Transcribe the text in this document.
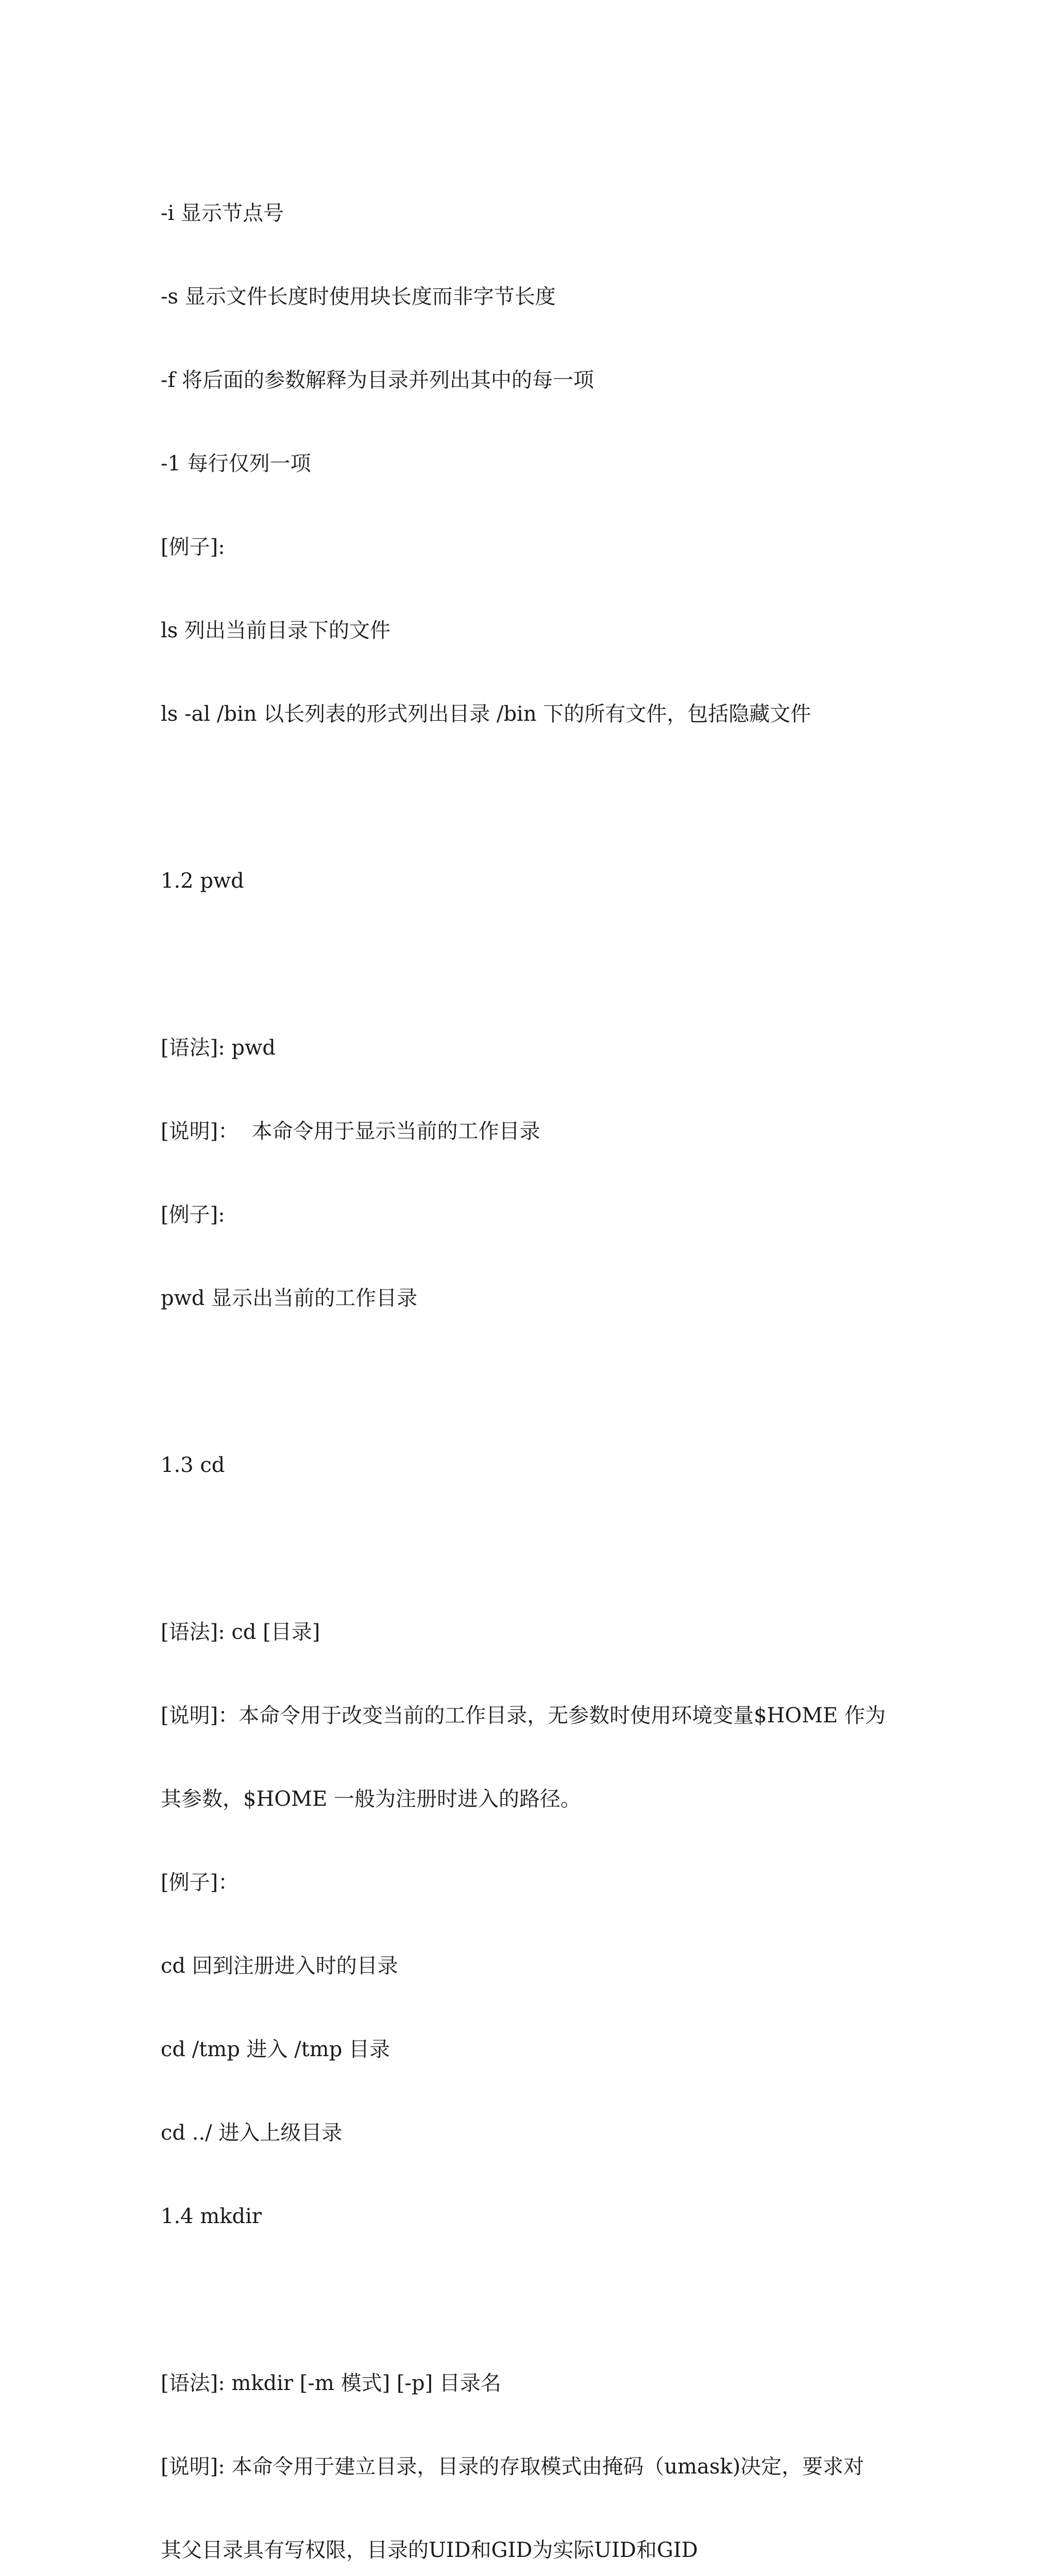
-i 显示节点号

-s 显示文件长度时使用块长度而非字节长度

-f 将后面的参数解释为目录并列出其中的每一项

-1 每行仅列一项

[例子]:

ls 列出当前目录下的文件

ls -al /bin 以长列表的形式列出目录 /bin 下的所有文件，包括隐藏文件

1.2 pwd

[语法]: pwd

[说明]：  本命令用于显示当前的工作目录

[例子]:

pwd 显示出当前的工作目录

1.3 cd

[语法]: cd [目录]

[说明]：本命令用于改变当前的工作目录，无参数时使用环境变量$HOME 作为

其参数，$HOME 一般为注册时进入的路径。

[例子]：

cd 回到注册进入时的目录

cd /tmp 进入 /tmp 目录

cd ../ 进入上级目录

1.4 mkdir

[语法]: mkdir [-m 模式] [-p] 目录名

[说明]: 本命令用于建立目录，目录的存取模式由掩码（umask)决定，要求对

其父目录具有写权限，目录的UID和GID为实际UID和GID
